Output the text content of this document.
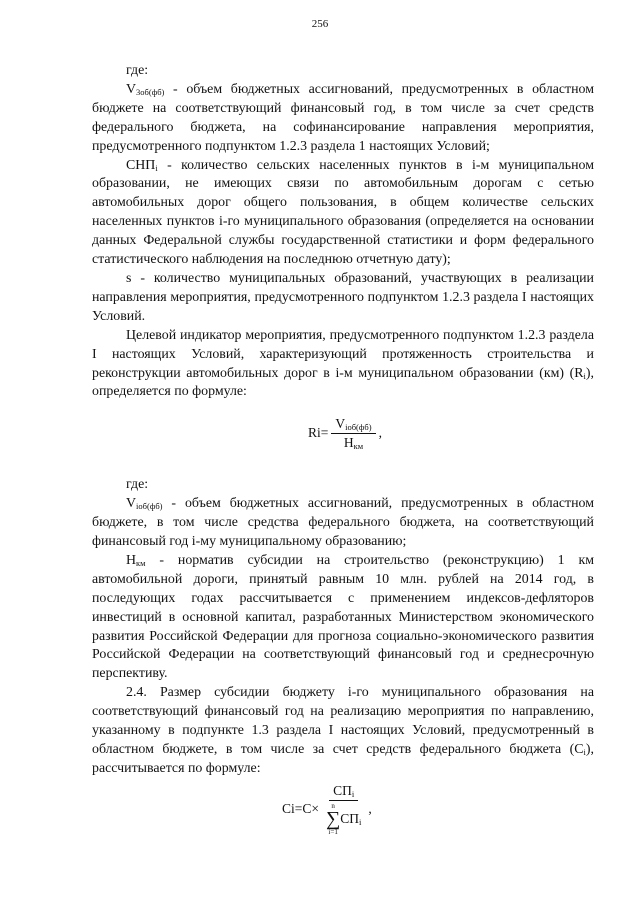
256

где:

$V_{3об(фб)}$ - объем бюджетных ассигнований, предусмотренных в областном бюджете на соответствующий финансовый год, в том числе за счет средств федерального бюджета, на софинансирование направления мероприятия, предусмотренного подпунктом 1.2.3 раздела 1 настоящих Условий;

$СНП_i$ - количество сельских населенных пунктов в i-м муниципальном образовании, не имеющих связи по автомобильным дорогам с сетью автомобильных дорог общего пользования, в общем количестве сельских населенных пунктов i-го муниципального образования (определяется на основании данных Федеральной службы государственной статистики и форм федерального статистического наблюдения на последнюю отчетную дату);

s - количество муниципальных образований, участвующих в реализации направления мероприятия, предусмотренного подпунктом 1.2.3 раздела I настоящих Условий.

Целевой индикатор мероприятия, предусмотренного подпунктом 1.2.3 раздела I настоящих Условий, характеризующий протяженность строительства и реконструкции автомобильных дорог в i-м муниципальном образовании (км) $(R_i)$, определяется по формуле:

$Ri= \frac{V_{iоб(фб)}}{Н_{км}}$ ,

где:

$V_{iоб(фб)}$ - объем бюджетных ассигнований, предусмотренных в областном бюджете, в том числе средства федерального бюджета, на соответствующий финансовый год i-му муниципальному образованию;

$Н_{км}$ - норматив субсидии на строительство (реконструкцию) 1 км автомобильной дороги, принятый равным 10 млн. рублей на 2014 год, в последующих годах рассчитывается с применением индексов-дефляторов инвестиций в основной капитал, разработанных Министерством экономического развития Российской Федерации для прогноза социально-экономического развития Российской Федерации на соответствующий финансовый год и среднесрочную перспективу.

2.4. Размер субсидии бюджету i-го муниципального образования на соответствующий финансовый год на реализацию мероприятия по направлению, указанному в подпункте 1.3 раздела I настоящих Условий, предусмотренный в областном бюджете, в том числе за счет средств федерального бюджета $(С_i)$, рассчитывается по формуле:

$Ci=C\times СП_i$
n
∑
i=1
$СП_i$ ,
